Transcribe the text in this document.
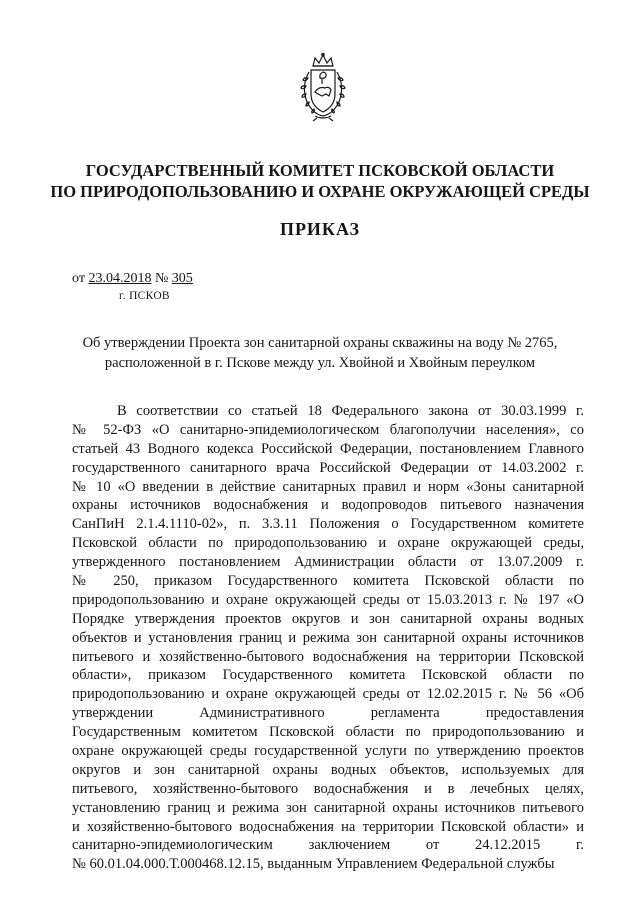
ГОСУДАРСТВЕННЫЙ КОМИТЕТ ПСКОВСКОЙ ОБЛАСТИ
ПО ПРИРОДОПОЛЬЗОВАНИЮ И ОХРАНЕ ОКРУЖАЮЩЕЙ СРЕДЫ
ПРИКАЗ
от 23.04.2018 № 305
г. ПСКОВ
Об утверждении Проекта зон санитарной охраны скважины на воду № 2765,
расположенной в г. Пскове между ул. Хвойной и Хвойным переулком
В соответствии со статьей 18 Федерального закона от 30.03.1999 г.
№ 52-ФЗ «О санитарно-эпидемиологическом благополучии населения», со
статьей 43 Водного кодекса Российской Федерации, постановлением Главного
государственного санитарного врача Российской Федерации от 14.03.2002 г.
№ 10 «О введении в действие санитарных правил и норм «Зоны санитарной
охраны источников водоснабжения и водопроводов питьевого назначения
СанПиН 2.1.4.1110-02», п. 3.3.11 Положения о Государственном комитете
Псковской области по природопользованию и охране окружающей среды,
утвержденного постановлением Администрации области от 13.07.2009 г.
№ 250, приказом Государственного комитета Псковской области по
природопользованию и охране окружающей среды от 15.03.2013 г. № 197 «О
Порядке утверждения проектов округов и зон санитарной охраны водных
объектов и установления границ и режима зон санитарной охраны источников
питьевого и хозяйственно-бытового водоснабжения на территории Псковской
области», приказом Государственного комитета Псковской области по
природопользованию и охране окружающей среды от 12.02.2015 г. № 56 «Об
утверждении Административного регламента предоставления
Государственным комитетом Псковской области по природопользованию и
охране окружающей среды государственной услуги по утверждению проектов
округов и зон санитарной охраны водных объектов, используемых для
питьевого, хозяйственно-бытового водоснабжения и в лечебных целях,
установлению границ и режима зон санитарной охраны источников питьевого
и хозяйственно-бытового водоснабжения на территории Псковской области» и
санитарно-эпидемиологическим заключением от 24.12.2015 г.
№ 60.01.04.000.Т.000468.12.15, выданным Управлением Федеральной службы
